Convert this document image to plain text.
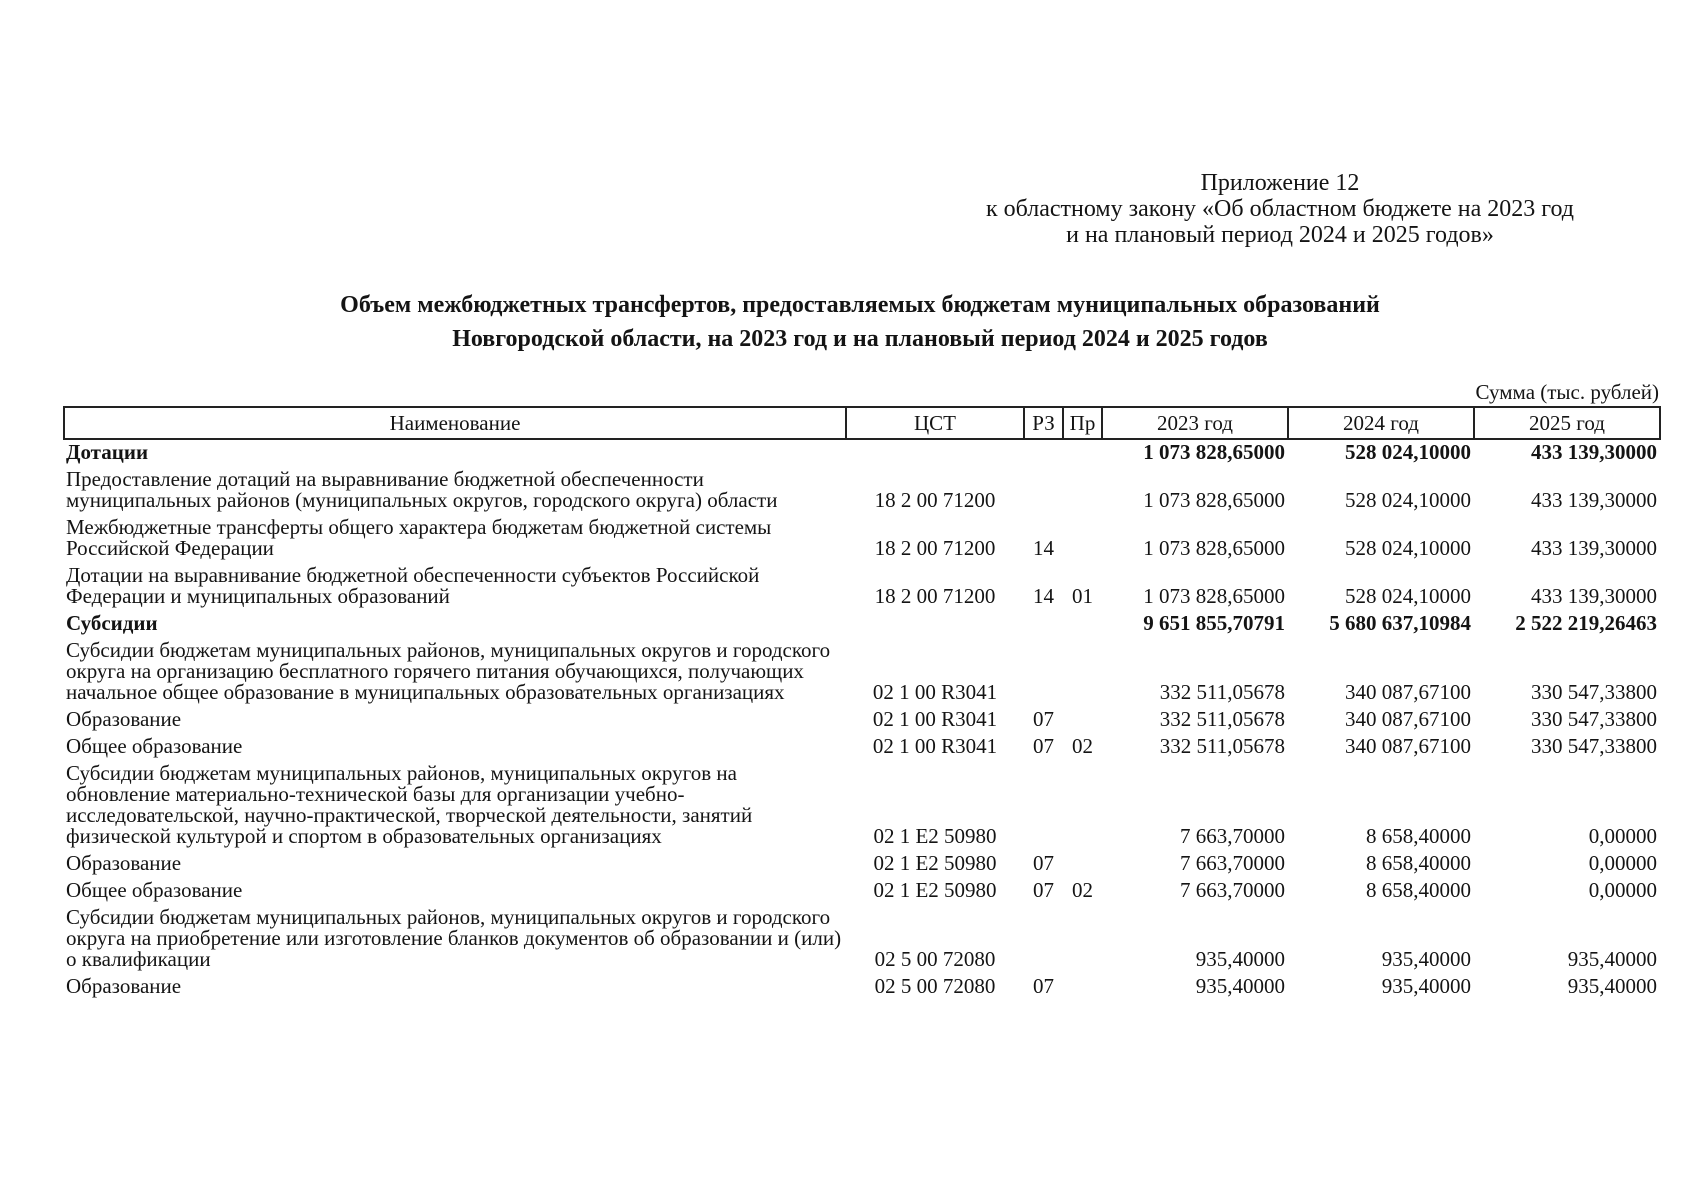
Приложение 12
к областному закону «Об областном бюджете на 2023 год
и на плановый период 2024 и 2025 годов»
Объем межбюджетных трансфертов, предоставляемых бюджетам муниципальных образований
Новгородской области, на 2023 год и на плановый период 2024 и 2025 годов
Сумма (тыс. рублей)
Наименование	ЦСТ	РЗ	Пр	2023 год	2024 год	2025 год
Дотации				1 073 828,65000	528 024,10000	433 139,30000
Предоставление дотаций на выравнивание бюджетной обеспеченности муниципальных районов (муниципальных округов, городского округа) области	18 2 00 71200			1 073 828,65000	528 024,10000	433 139,30000
Межбюджетные трансферты общего характера бюджетам бюджетной системы Российской Федерации	18 2 00 71200	14		1 073 828,65000	528 024,10000	433 139,30000
Дотации на выравнивание бюджетной обеспеченности субъектов Российской Федерации и муниципальных образований	18 2 00 71200	14	01	1 073 828,65000	528 024,10000	433 139,30000
Субсидии				9 651 855,70791	5 680 637,10984	2 522 219,26463
Субсидии бюджетам муниципальных районов, муниципальных округов и городского округа на организацию бесплатного горячего питания обучающихся, получающих начальное общее образование в муниципальных образовательных организациях	02 1 00 R3041			332 511,05678	340 087,67100	330 547,33800
Образование	02 1 00 R3041	07		332 511,05678	340 087,67100	330 547,33800
Общее образование	02 1 00 R3041	07	02	332 511,05678	340 087,67100	330 547,33800
Субсидии бюджетам муниципальных районов, муниципальных округов на обновление материально-технической базы для организации учебно-исследовательской, научно-практической, творческой деятельности, занятий физической культурой и спортом в образовательных организациях	02 1 E2 50980			7 663,70000	8 658,40000	0,00000
Образование	02 1 E2 50980	07		7 663,70000	8 658,40000	0,00000
Общее образование	02 1 E2 50980	07	02	7 663,70000	8 658,40000	0,00000
Субсидии бюджетам муниципальных районов, муниципальных округов и городского округа на приобретение или изготовление бланков документов об образовании и (или) о квалификации	02 5 00 72080			935,40000	935,40000	935,40000
Образование	02 5 00 72080	07		935,40000	935,40000	935,40000
